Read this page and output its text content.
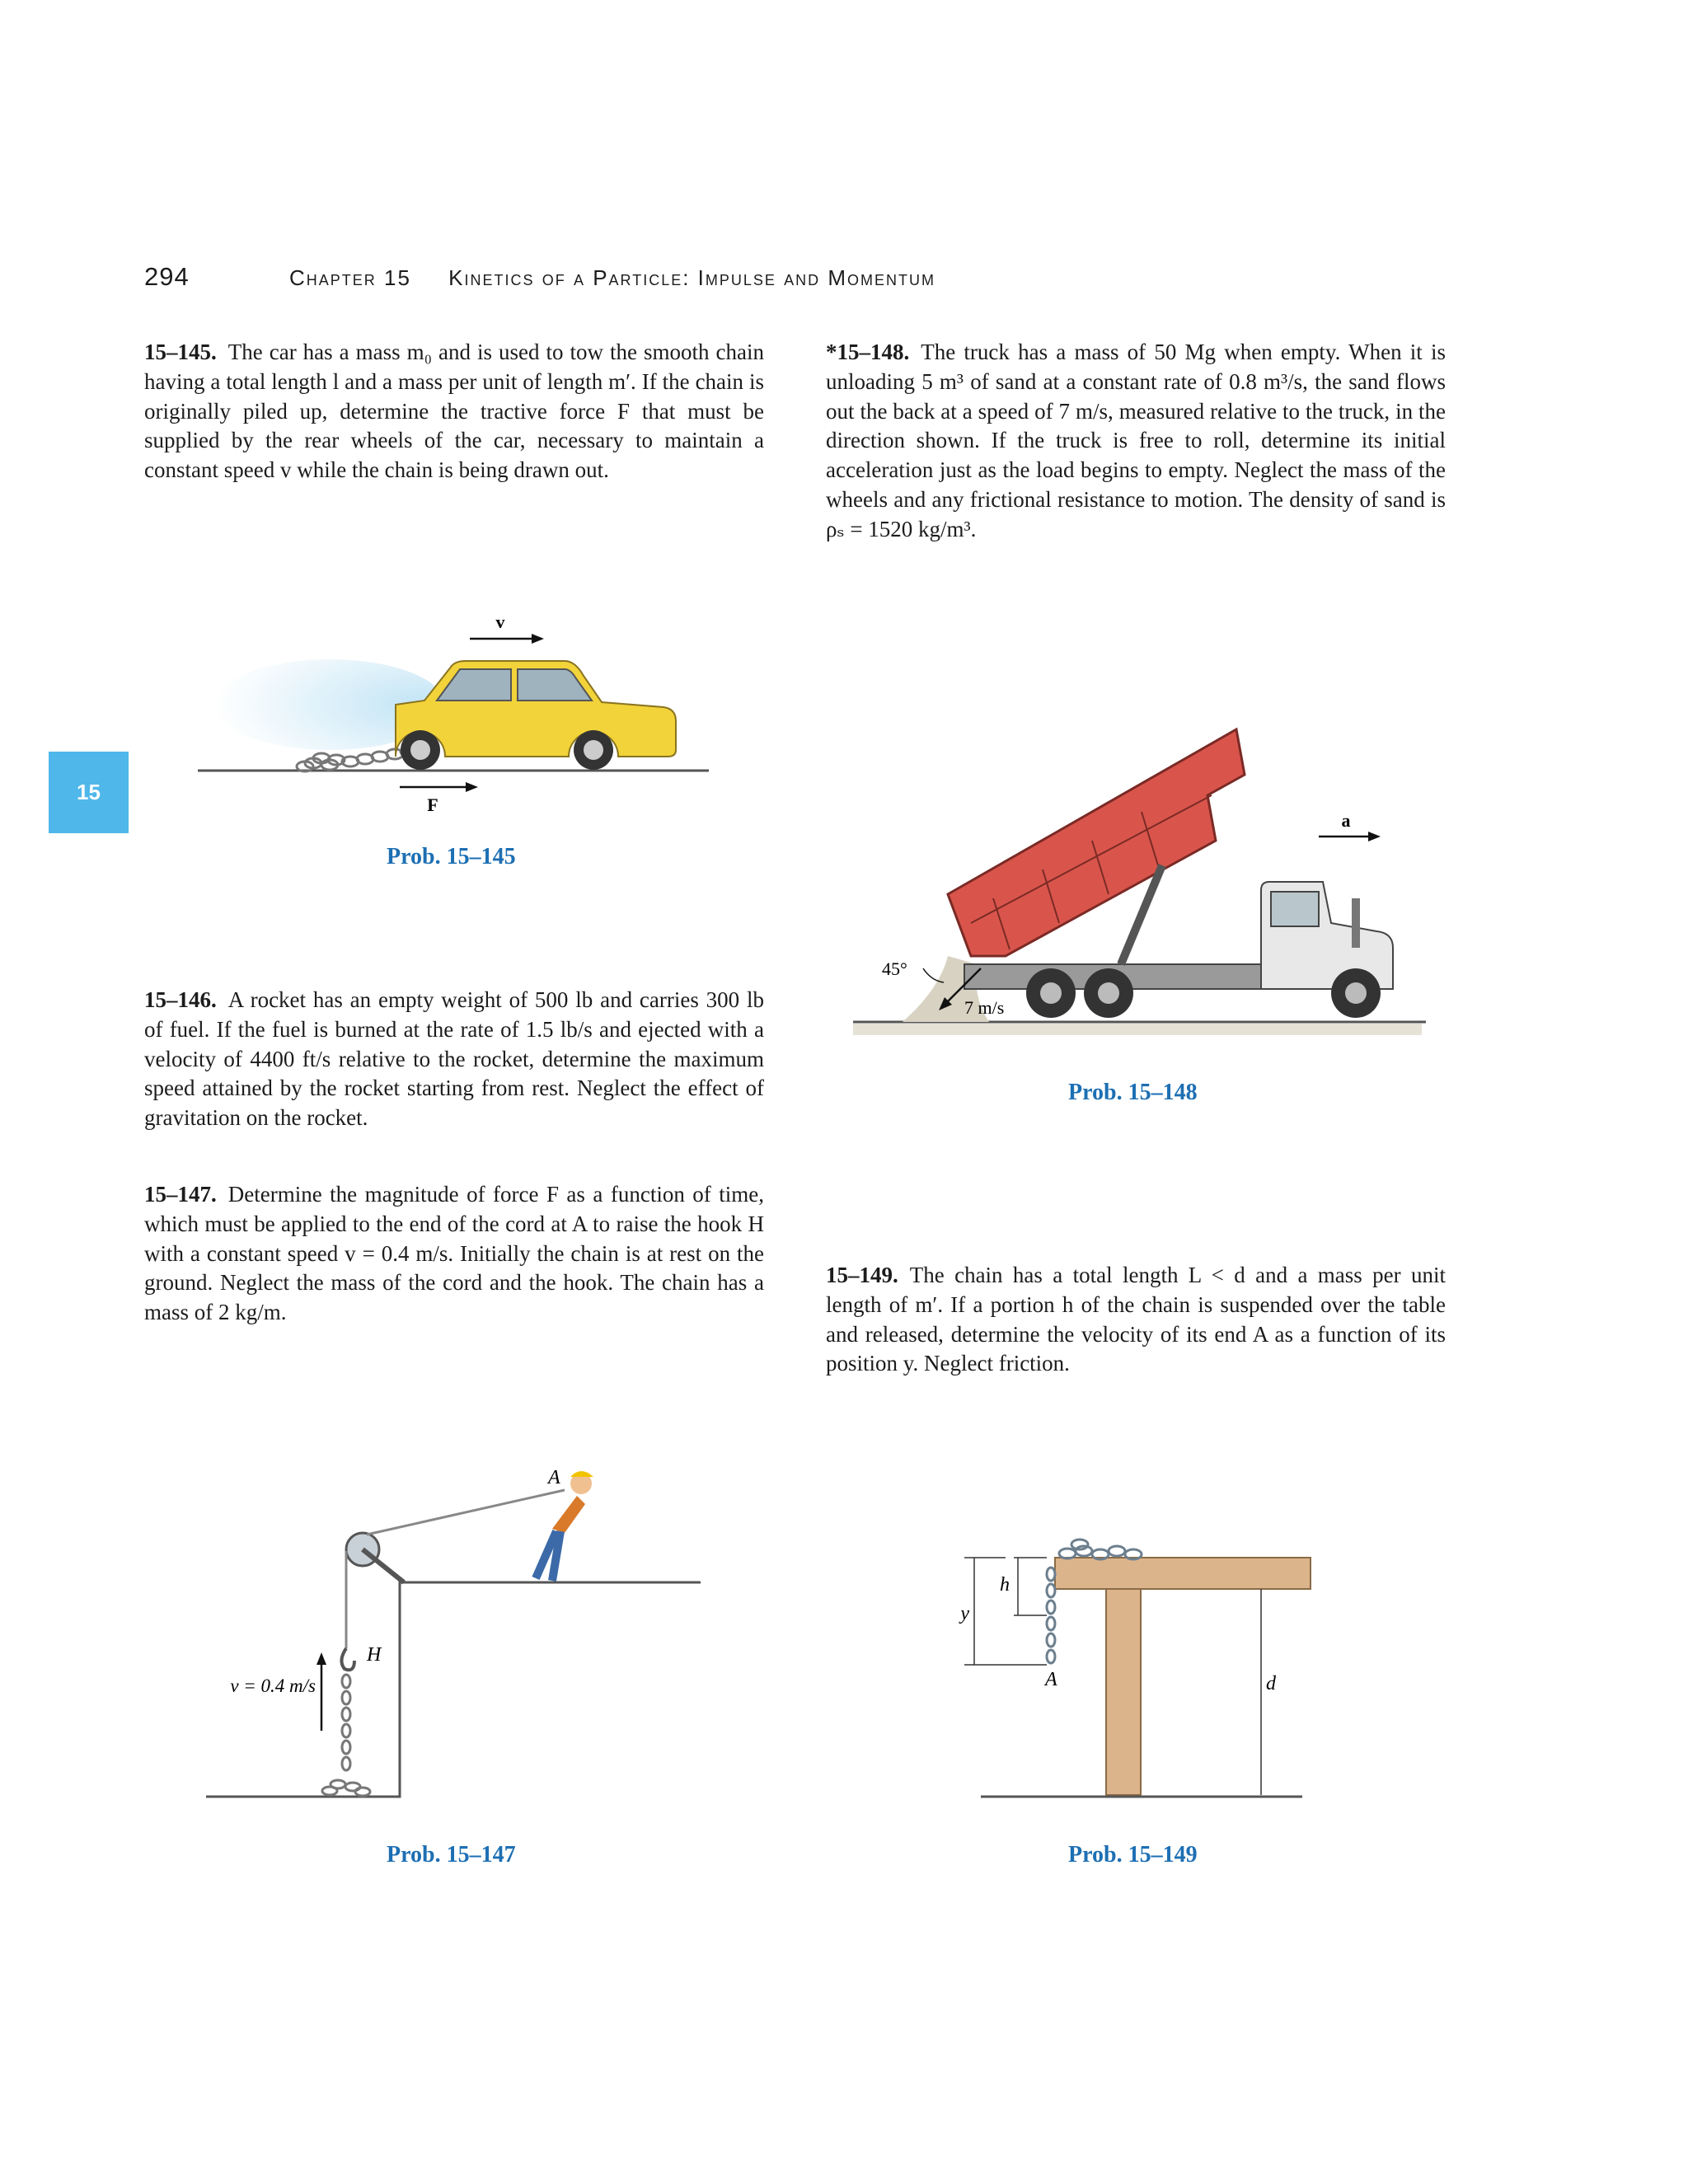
294	Chapter 15 Kinetics of a Particle: Impulse and Momentum
15
15–145. The car has a mass m₀ and is used to tow the smooth chain having a total length l and a mass per unit of length m′. If the chain is originally piled up, determine the tractive force F that must be supplied by the rear wheels of the car, necessary to maintain a constant speed v while the chain is being drawn out.
15–146. A rocket has an empty weight of 500 lb and carries 300 lb of fuel. If the fuel is burned at the rate of 1.5 lb/s and ejected with a velocity of 4400 ft/s relative to the rocket, determine the maximum speed attained by the rocket starting from rest. Neglect the effect of gravitation on the rocket.
15–147. Determine the magnitude of force F as a function of time, which must be applied to the end of the cord at A to raise the hook H with a constant speed v = 0.4 m/s. Initially the chain is at rest on the ground. Neglect the mass of the cord and the hook. The chain has a mass of 2 kg/m.
*15–148. The truck has a mass of 50 Mg when empty. When it is unloading 5 m³ of sand at a constant rate of 0.8 m³/s, the sand flows out the back at a speed of 7 m/s, measured relative to the truck, in the direction shown. If the truck is free to roll, determine its initial acceleration just as the load begins to empty. Neglect the mass of the wheels and any frictional resistance to motion. The density of sand is ρₛ = 1520 kg/m³.
15–149. The chain has a total length L < d and a mass per unit length of m′. If a portion h of the chain is suspended over the table and released, determine the velocity of its end A as a function of its position y. Neglect friction.
v
F
Prob. 15–145
45°
7 m/s
a
Prob. 15–148
A
H
v = 0.4 m/s
Prob. 15–147
h
y
A	d
Prob. 15–149
